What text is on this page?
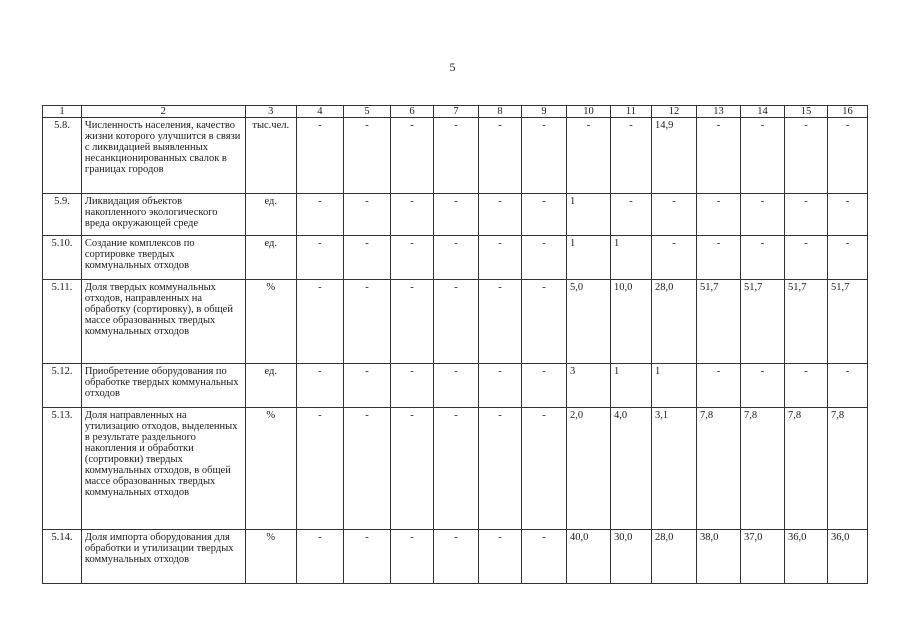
5
1	2	3	4	5	6	7	8	9	10	11	12	13	14	15	16
5.8.	Численность населения, качество жизни которого улучшится в связи с ликвидацией выявленных несанкционированных свалок в границах городов	тыс.чел.	-	-	-	-	-	-	-	-	14,9	-	-	-	-
5.9.	Ликвидация объектов накопленного экологического вреда окружающей среде	ед.	-	-	-	-	-	-	1	-	-	-	-	-	-
5.10.	Создание комплексов по сортировке твердых коммунальных отходов	ед.	-	-	-	-	-	-	1	1	-	-	-	-	-
5.11.	Доля твердых коммунальных отходов, направленных на обработку (сортировку), в общей массе образованных твердых коммунальных отходов	%	-	-	-	-	-	-	5,0	10,0	28,0	51,7	51,7	51,7	51,7
5.12.	Приобретение оборудования по обработке твердых коммунальных отходов	ед.	-	-	-	-	-	-	3	1	1	-	-	-	-
5.13.	Доля направленных на утилизацию отходов, выделенных в результате раздельного накопления и обработки (сортировки) твердых коммунальных отходов, в общей массе образованных твердых коммунальных отходов	%	-	-	-	-	-	-	2,0	4,0	3,1	7,8	7,8	7,8	7,8
5.14.	Доля импорта оборудования для обработки и утилизации твердых коммунальных отходов	%	-	-	-	-	-	-	40,0	30,0	28,0	38,0	37,0	36,0	36,0
